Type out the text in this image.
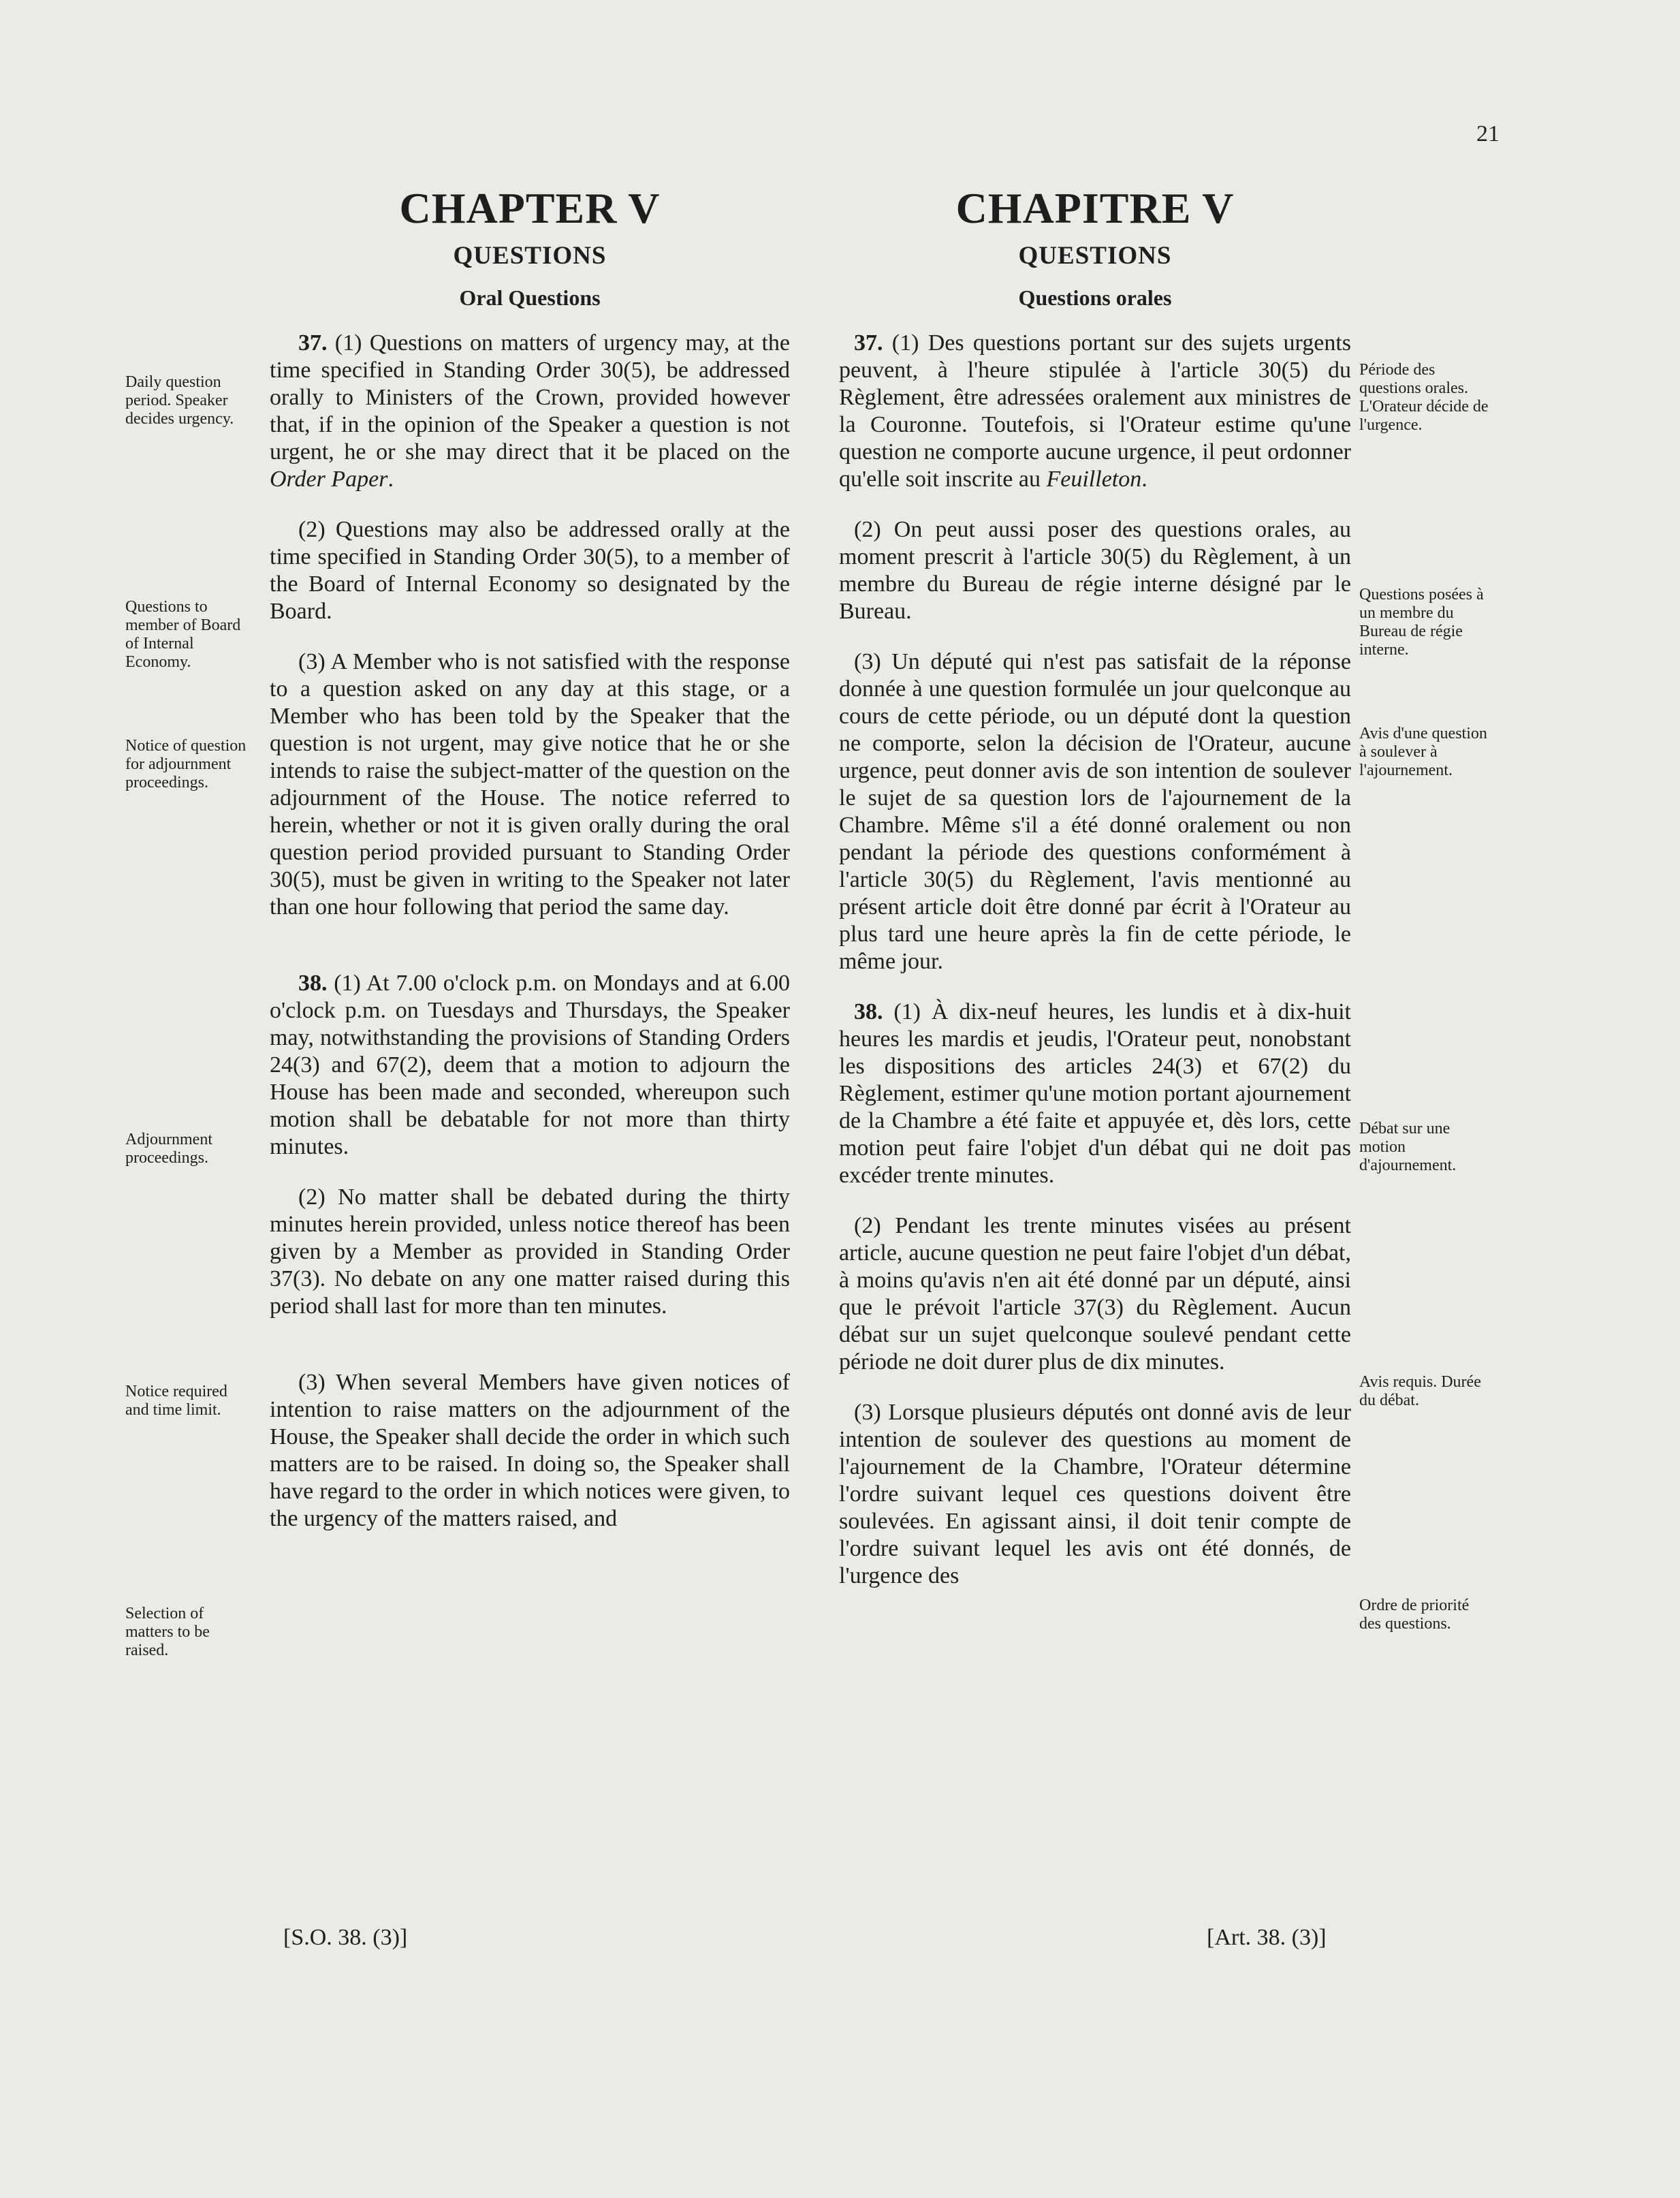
21
CHAPTER V
QUESTIONS
Oral Questions

37. (1) Questions on matters of urgency may, at the time specified in Standing Order 30(5), be addressed orally to Ministers of the Crown, provided however that, if in the opinion of the Speaker a question is not urgent, he or she may direct that it be placed on the Order Paper.

(2) Questions may also be addressed orally at the time specified in Standing Order 30(5), to a member of the Board of Internal Economy so designated by the Board.

(3) A Member who is not satisfied with the response to a question asked on any day at this stage, or a Member who has been told by the Speaker that the question is not urgent, may give notice that he or she intends to raise the subject-matter of the question on the adjournment of the House. The notice referred to herein, whether or not it is given orally during the oral question period provided pursuant to Standing Order 30(5), must be given in writing to the Speaker not later than one hour following that period the same day.

38. (1) At 7.00 o'clock p.m. on Mondays and at 6.00 o'clock p.m. on Tuesdays and Thursdays, the Speaker may, notwithstanding the provisions of Standing Orders 24(3) and 67(2), deem that a motion to adjourn the House has been made and seconded, whereupon such motion shall be debatable for not more than thirty minutes.

(2) No matter shall be debated during the thirty minutes herein provided, unless notice thereof has been given by a Member as provided in Standing Order 37(3). No debate on any one matter raised during this period shall last for more than ten minutes.

(3) When several Members have given notices of intention to raise matters on the adjournment of the House, the Speaker shall decide the order in which such matters are to be raised. In doing so, the Speaker shall have regard to the order in which notices were given, to the urgency of the matters raised, and

Daily question period. Speaker decides urgency.
Questions to member of Board of Internal Economy.
Notice of question for adjournment proceedings.
Adjournment proceedings.
Notice required and time limit.
Selection of matters to be raised.
CHAPITRE V
QUESTIONS
Questions orales

37. (1) Des questions portant sur des sujets urgents peuvent, à l'heure stipulée à l'article 30(5) du Règlement, être adressées oralement aux ministres de la Couronne. Toutefois, si l'Orateur estime qu'une question ne comporte aucune urgence, il peut ordonner qu'elle soit inscrite au Feuilleton.

(2) On peut aussi poser des questions orales, au moment prescrit à l'article 30(5) du Règlement, à un membre du Bureau de régie interne désigné par le Bureau.

(3) Un député qui n'est pas satisfait de la réponse donnée à une question formulée un jour quelconque au cours de cette période, ou un député dont la question ne comporte, selon la décision de l'Orateur, aucune urgence, peut donner avis de son intention de soulever le sujet de sa question lors de l'ajournement de la Chambre. Même s'il a été donné oralement ou non pendant la période des questions conformément à l'article 30(5) du Règlement, l'avis mentionné au présent article doit être donné par écrit à l'Orateur au plus tard une heure après la fin de cette période, le même jour.

38. (1) À dix-neuf heures, les lundis et à dix-huit heures les mardis et jeudis, l'Orateur peut, nonobstant les dispositions des articles 24(3) et 67(2) du Règlement, estimer qu'une motion portant ajournement de la Chambre a été faite et appuyée et, dès lors, cette motion peut faire l'objet d'un débat qui ne doit pas excéder trente minutes.

(2) Pendant les trente minutes visées au présent article, aucune question ne peut faire l'objet d'un débat, à moins qu'avis n'en ait été donné par un député, ainsi que le prévoit l'article 37(3) du Règlement. Aucun débat sur un sujet quelconque soulevé pendant cette période ne doit durer plus de dix minutes.

(3) Lorsque plusieurs députés ont donné avis de leur intention de soulever des questions au moment de l'ajournement de la Chambre, l'Orateur détermine l'ordre suivant lequel ces questions doivent être soulevées. En agissant ainsi, il doit tenir compte de l'ordre suivant lequel les avis ont été donnés, de l'urgence des

Période des questions orales. L'Orateur décide de l'urgence.
Questions posées à un membre du Bureau de régie interne.
Avis d'une question à soulever à l'ajournement.
Débat sur une motion d'ajournement.
Avis requis. Durée du débat.
Ordre de priorité des questions.
[S.O. 38. (3)]	[Art. 38. (3)]
